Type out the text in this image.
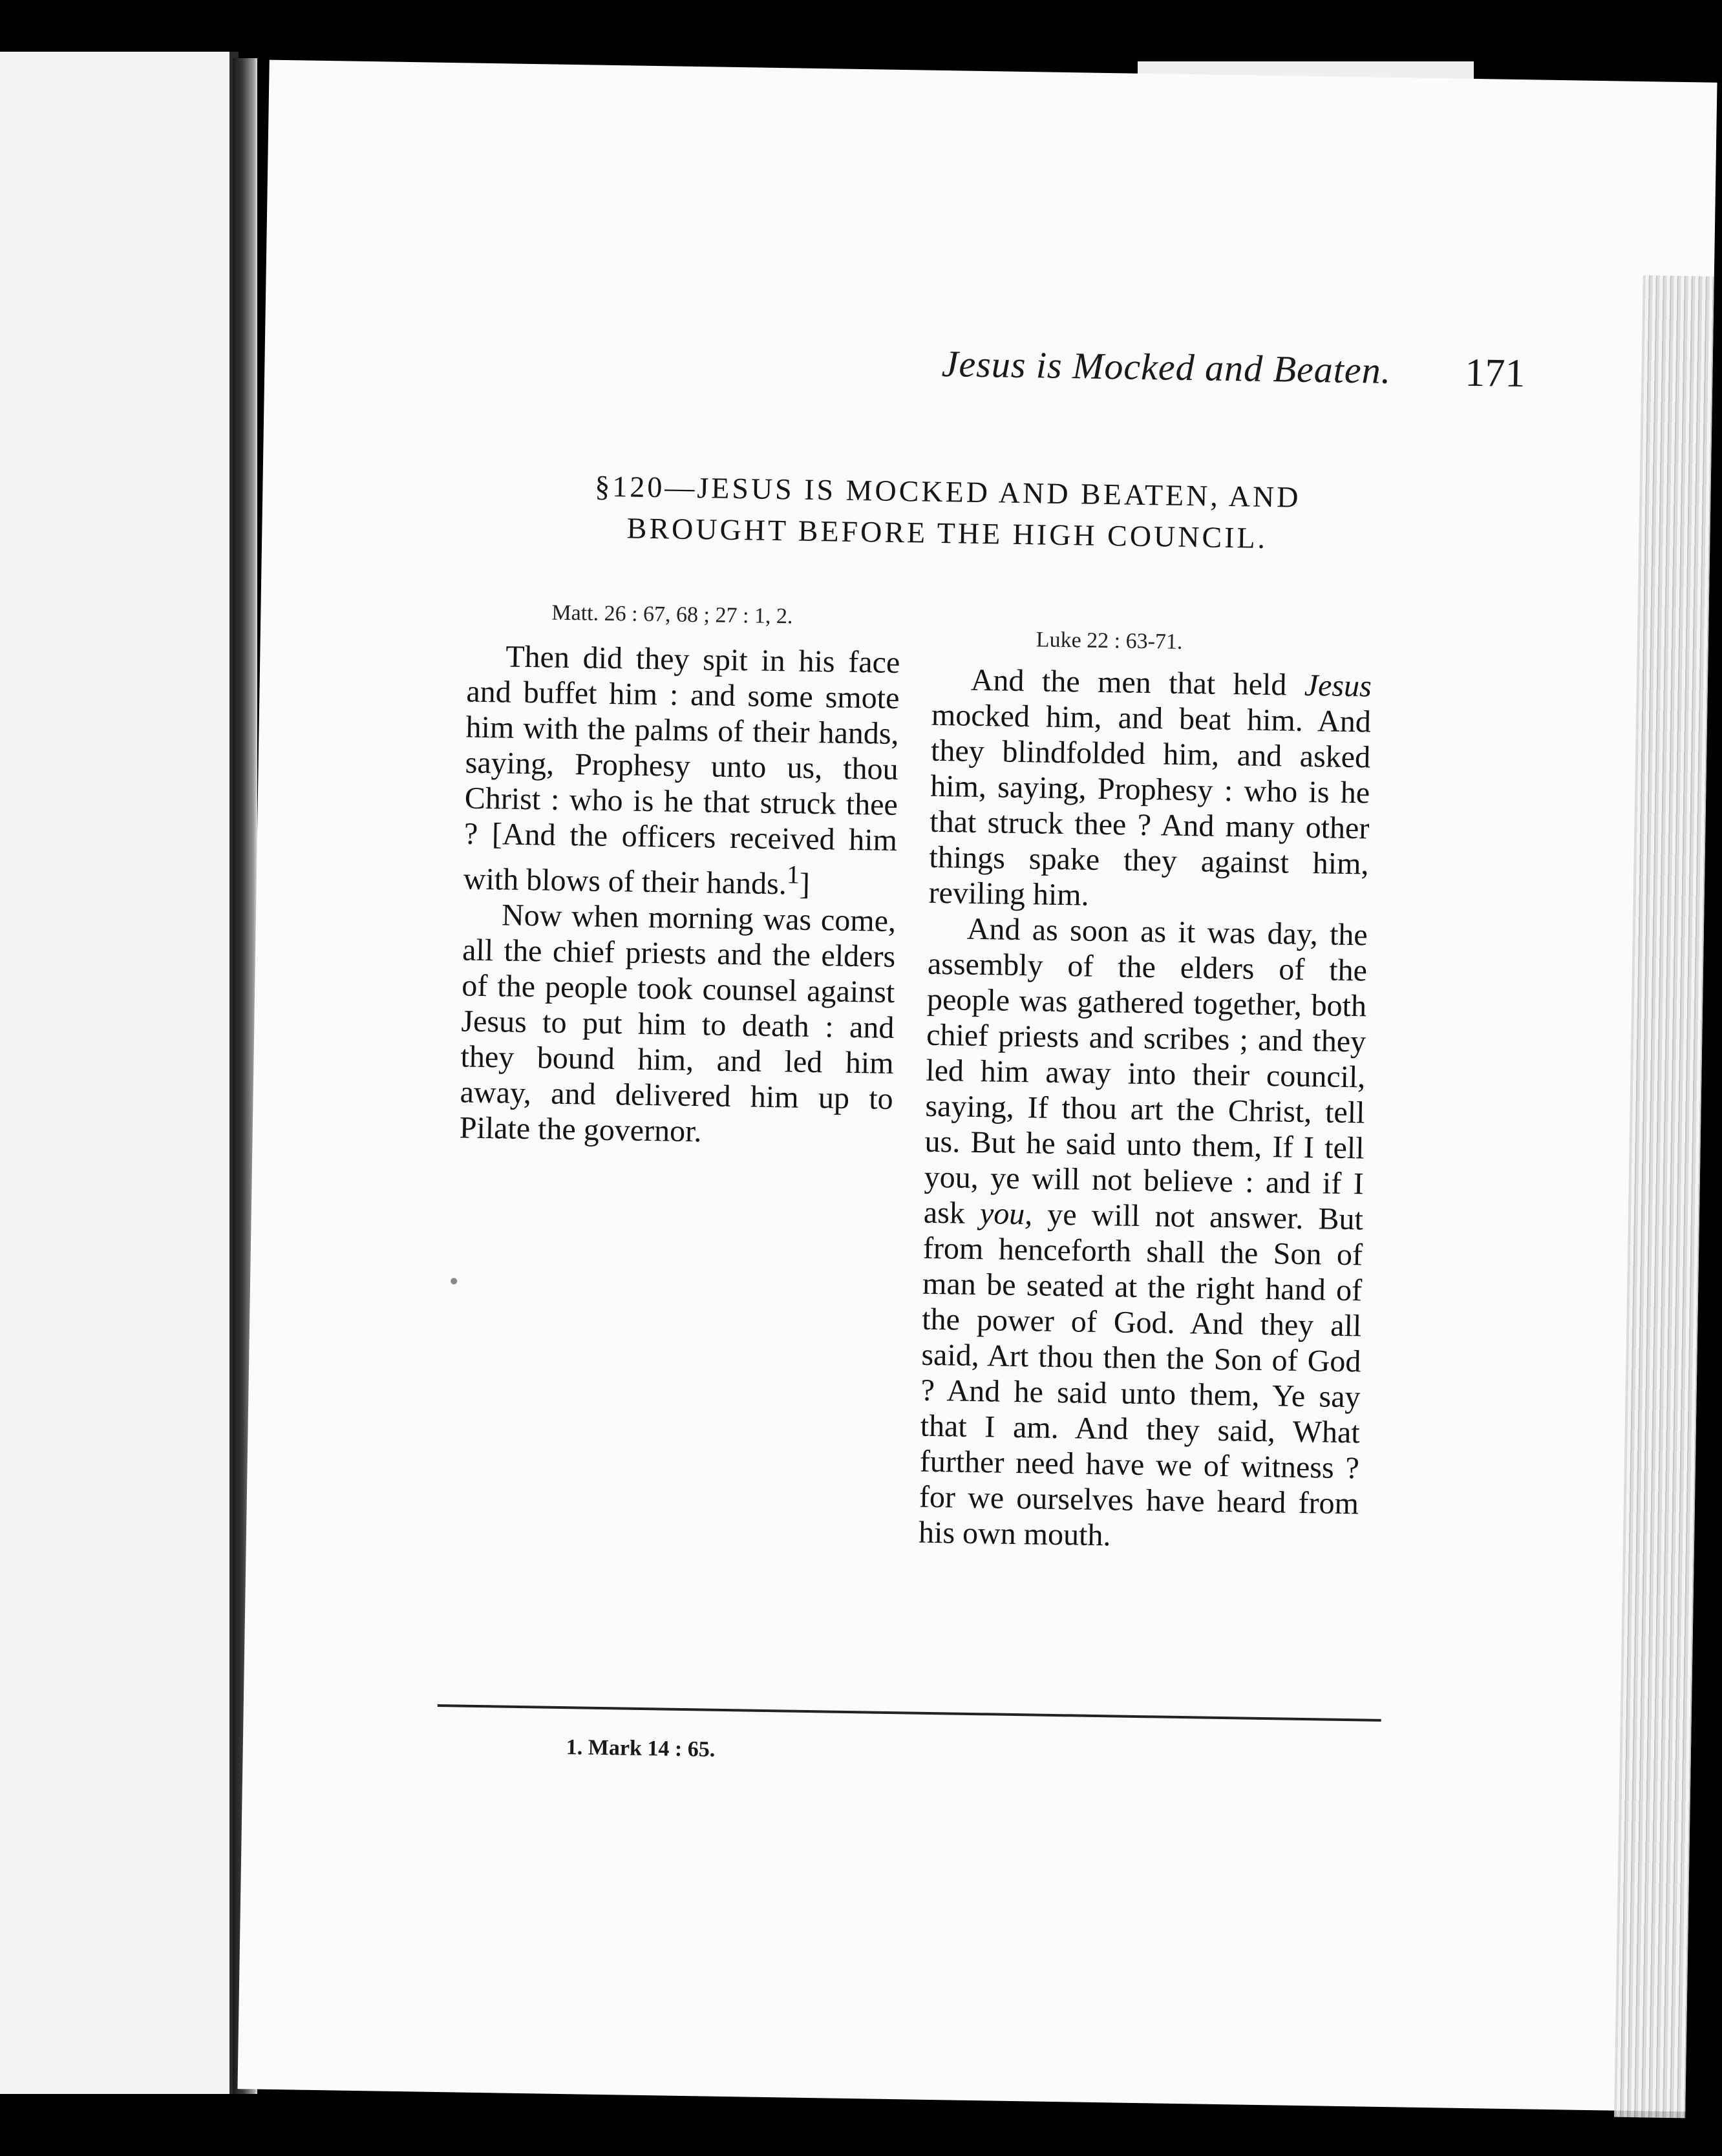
Jesus is Mocked and Beaten.	171
§120—JESUS IS MOCKED AND BEATEN, AND
BROUGHT BEFORE THE HIGH COUNCIL.
Matt. 26 : 67, 68 ; 27 : 1, 2.
Luke 22 : 63-71.

Then did they spit in his face and buffet him : and some smote him with the palms of their hands, saying, Prophesy unto us, thou Christ : who is he that struck thee ? [And the officers received him with blows of their hands.$^1$]

Now when morning was come, all the chief priests and the elders of the people took counsel against Jesus to put him to death : and they bound him, and led him away, and delivered him up to Pilate the governor.

And the men that held Jesus mocked him, and beat him. And they blindfolded him, and asked him, saying, Prophesy : who is he that struck thee ? And many other things spake they against him, reviling him.

And as soon as it was day, the assembly of the elders of the people was gathered together, both chief priests and scribes ; and they led him away into their council, saying, If thou art the Christ, tell us. But he said unto them, If I tell you, ye will not believe : and if I ask you, ye will not answer. But from henceforth shall the Son of man be seated at the right hand of the power of God. And they all said, Art thou then the Son of God ? And he said unto them, Ye say that I am. And they said, What further need have we of witness ? for we ourselves have heard from his own mouth.

1. Mark 14 : 65.
